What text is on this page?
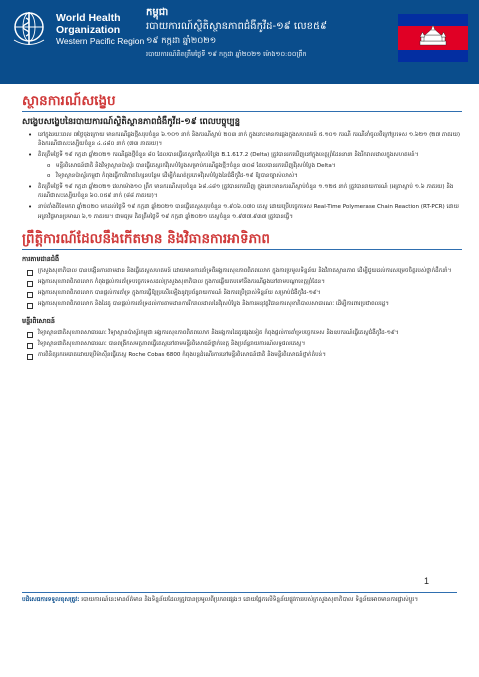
World Health
Organization
Western Pacific Region
កម្ពុជា
របាយការណ៍ស្ថិតិស្ថានភាពជំងឺកូវីដ-១៩ លេខ៥៩
១៩ កក្កដា ឆ្នាំ២០២១
របាយការណ៍គិតត្រឹមថ្ងៃទី ១៩ កក្កដា ឆ្នាំ២០២១ ម៉ោង១០:០០ព្រឹក
ស្ថានការណ៍សង្ខេប
សង្ខេបសង្ខេបនៃរបាយការណ៍ស្ថិតិស្ថានភាពជំងឺកូវីដ-១៩ ពេលបច្ចុប្បន្ន
• នៅក្នុងរយៈពេល ៧ថ្ងៃចុងក្រោយ មានករណីឆ្លងថ្មីសរុបចំនួន ៦.១០១ នាក់ និងករណីស្លាប់ ២០៣ នាក់ ក្នុងនោះមានការឆ្លងក្នុងសហគមន៍ ៥.១០១ ករណី ករណីនាំចូលពីក្រៅប្រទេស ១.៦២១ (២៧ ភាគរយ) និងករណីជាសះស្បើយចំនួន ៤.៤៨០ នាក់ (៧៣ ភាគរយ)។
• គិតត្រឹមថ្ងៃទី ១៩ កក្កដា ឆ្នាំ២០២១ ករណីឆ្លងថ្មីចំនួន ៨០ ដែលបានធ្វើតេស្តរកវីរុសបំប្លែង B.1.617.2 (Delta) ត្រូវបានរកឃើញនៅក្នុងខេត្តព្រំដែននានា និងរីករាលដាលក្នុងសហគមន៍។
o មន្ទីរពិសោធន៍ជាតិ និងវិទ្យាស្ថានប៉ាស្ទ័រ បានធ្វើតេស្តរកវីរុសបំប្លែងសម្រាប់ករណីឆ្លងថ្មីៗចំនួន ៣០៨ ដែលបានរកឃើញវីរុសបំប្លែង Delta។
o វិទ្យាស្ថានប៉ាស្ទ័រកម្ពុជា កំពុងធ្វើការវិភាគហ្សែនបន្ថែម ដើម្បីកំណត់ប្រភេទវីរុសបំប្លែងនៃជំងឺកូវីដ-១៩ ឱ្យបានច្បាស់លាស់។
• គិតត្រឹមថ្ងៃទី ១៩ កក្កដា ឆ្នាំ២០២១ វេលាម៉ោង១០ ព្រឹក មានករណីសរុបចំនួន ៦៨.៤៨១ ត្រូវបានរកឃើញ ក្នុងនោះមានករណីស្លាប់ចំនួន ១.១២៥ នាក់ ត្រូវបានរាយការណ៍ (អត្រាស្លាប់ ១.៦ ភាគរយ) និងករណីជាសះស្បើយចំនួន ៦០.០៥៩ នាក់ (៨៨ ភាគរយ)។
• នាប់តាំងពីខែមករា ឆ្នាំ២០២០ មកដល់ថ្ងៃទី ១៩ កក្កដា ឆ្នាំ២០២១ បានធ្វើតេស្តសរុបចំនួន ១.៩០៦.០៧០ តេស្ត ដោយប្រើបច្ចេកទេស Real-Time Polymerase Chain Reaction (RT-PCR) ដោយអត្រាវិជ្ជមានប្រមាណ ៦,១ ភាគរយ។ ជាមធ្យម គិតត្រឹមថ្ងៃទី ១៩ កក្កដា ឆ្នាំ២០២១ តេស្តចំនួន ១.៩៧៧.៩៣៧ ត្រូវបានធ្វើ។
ព្រឹត្តិការណ៍ដែលនឹងកើតមាន និងវិធានការអាទិភាព
ការតាមដានជំងឺ
ក្រសួងសុខាភិបាល បានបង្កើនការតាមដាន និងធ្វើតេស្តសហគមន៍ ដោយមានការគាំទ្រពីអង្គការសុខភាពពិភពលោក ក្នុងការប្រមូលទិន្នន័យ និងវិភាគស្ថានភាព ដើម្បីជួយដល់ការសម្រេចចិត្តរបស់ថ្នាក់ដឹកនាំ។
អង្គការសុខភាពពិភពលោក កំពុងផ្តល់ការគាំទ្របច្ចេកទេសដល់ក្រសួងសុខាភិបាល ក្នុងការឆ្លើយតបទៅនឹងករណីឆ្លងនៅតាមបណ្តាខេត្តព្រំដែន។
អង្គការសុខភាពពិភពលោក បានផ្តល់ការគាំទ្រ ក្នុងការធ្វើឱ្យប្រសើរឡើងនូវប្រព័ន្ធរាយការណ៍ និងការប្រើប្រាស់ទិន្នន័យ សម្រាប់ជំងឺកូវីដ-១៩។
អង្គការសុខភាពពិភពលោក និងដៃគូ បានផ្តល់ការគាំទ្រដល់ការតាមដានការរីករាលដាលនៃវីរុសបំប្លែង និងការអនុវត្តវិធានការសុខាភិបាលសាធារណៈ ដើម្បីការពារប្រជាពលរដ្ឋ។
មន្ទីរពិសោធន៍
វិទ្យាស្ថានជាតិសុខភាពសាធារណៈ វិទ្យាស្ថានប៉ាស្ទ័រកម្ពុជា អង្គការសុខភាពពិភពលោក និងអង្គការដៃគូផ្សេងទៀត កំពុងផ្តល់ការគាំទ្របច្ចេកទេស និងឧបករណ៍ធ្វើតេស្តជំងឺកូវីដ-១៩។
វិទ្យាស្ថានជាតិសុខភាពសាធារណៈ បានពង្រីកសមត្ថភាពធ្វើតេស្តនៅតាមមន្ទីរពិសោធន៍ថ្នាក់ខេត្ត និងប្រព័ន្ធរាយការណ៍លទ្ធផលតេស្ត។
ការពិនិត្យរកមេរោគដោយប្រើម៉ាស៊ីនធ្វើតេស្ត Roche Cobas 6800 កំពុងបន្តដំណើរការនៅមន្ទីរពិសោធន៍ជាតិ និងមន្ទីរពិសោធន៍ថ្នាក់តំបន់។
1
បដិសេធការទទួលខុសត្រូវ: របាយការណ៍នេះមានព័ត៌មាន និងទិន្នន័យដែលត្រូវបានប្រមូលពីប្រភពផ្សេងៗ ដោយផ្អែកលើទិន្នន័យផ្លូវការរបស់ក្រសួងសុខាភិបាល ទិន្នន័យអាចមានការផ្លាស់ប្តូរ។
